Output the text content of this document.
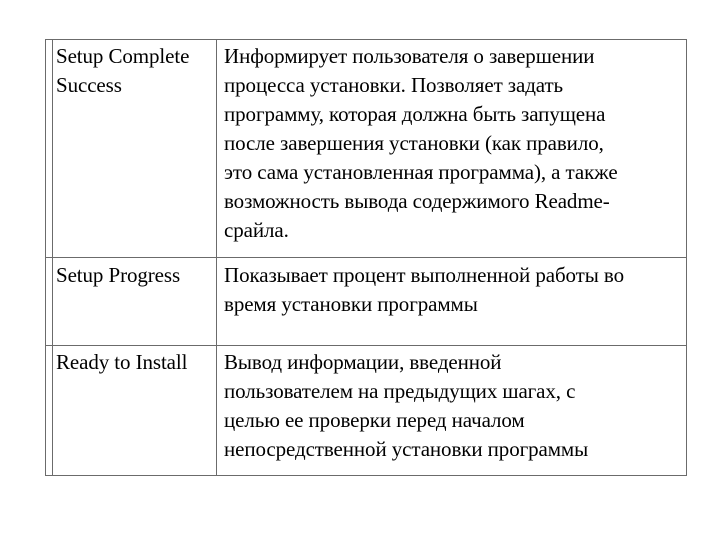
Setup Complete
Success
Информирует пользователя о завершении
процесса установки. Позволяет задать
программу, которая должна быть запущена
после завершения установки (как правило,
это сама установленная программа), а также
возможность вывода содержимого Readme-
срайла.
Setup Progress Показывает процент выполненной работы во
время установки программы
Ready to Install Вывод информации, введенной
пользователем на предыдущих шагах, с
целью ее проверки перед началом
непосредственной установки программы
